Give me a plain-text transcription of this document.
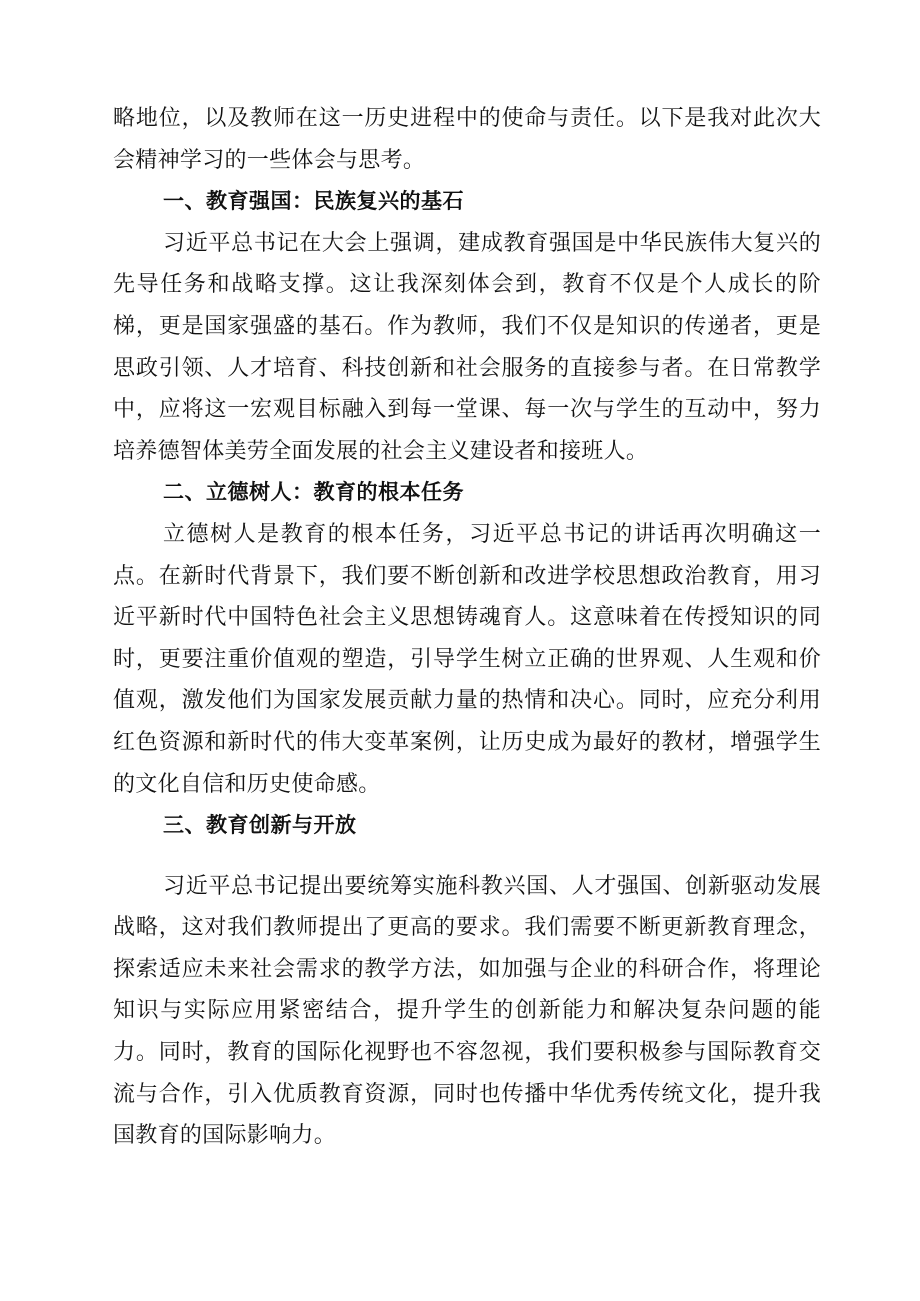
略地位，以及教师在这一历史进程中的使命与责任。以下是我对此次大会精神学习的一些体会与思考。

一、教育强国：民族复兴的基石

习近平总书记在大会上强调，建成教育强国是中华民族伟大复兴的先导任务和战略支撑。这让我深刻体会到，教育不仅是个人成长的阶梯，更是国家强盛的基石。作为教师，我们不仅是知识的传递者，更是思政引领、人才培育、科技创新和社会服务的直接参与者。在日常教学中，应将这一宏观目标融入到每一堂课、每一次与学生的互动中，努力培养德智体美劳全面发展的社会主义建设者和接班人。

二、立德树人：教育的根本任务

立德树人是教育的根本任务，习近平总书记的讲话再次明确这一点。在新时代背景下，我们要不断创新和改进学校思想政治教育，用习近平新时代中国特色社会主义思想铸魂育人。这意味着在传授知识的同时，更要注重价值观的塑造，引导学生树立正确的世界观、人生观和价值观，激发他们为国家发展贡献力量的热情和决心。同时，应充分利用红色资源和新时代的伟大变革案例，让历史成为最好的教材，增强学生的文化自信和历史使命感。

三、教育创新与开放

习近平总书记提出要统筹实施科教兴国、人才强国、创新驱动发展战略，这对我们教师提出了更高的要求。我们需要不断更新教育理念，探索适应未来社会需求的教学方法，如加强与企业的科研合作，将理论知识与实际应用紧密结合，提升学生的创新能力和解决复杂问题的能力。同时，教育的国际化视野也不容忽视，我们要积极参与国际教育交流与合作，引入优质教育资源，同时也传播中华优秀传统文化，提升我国教育的国际影响力。
